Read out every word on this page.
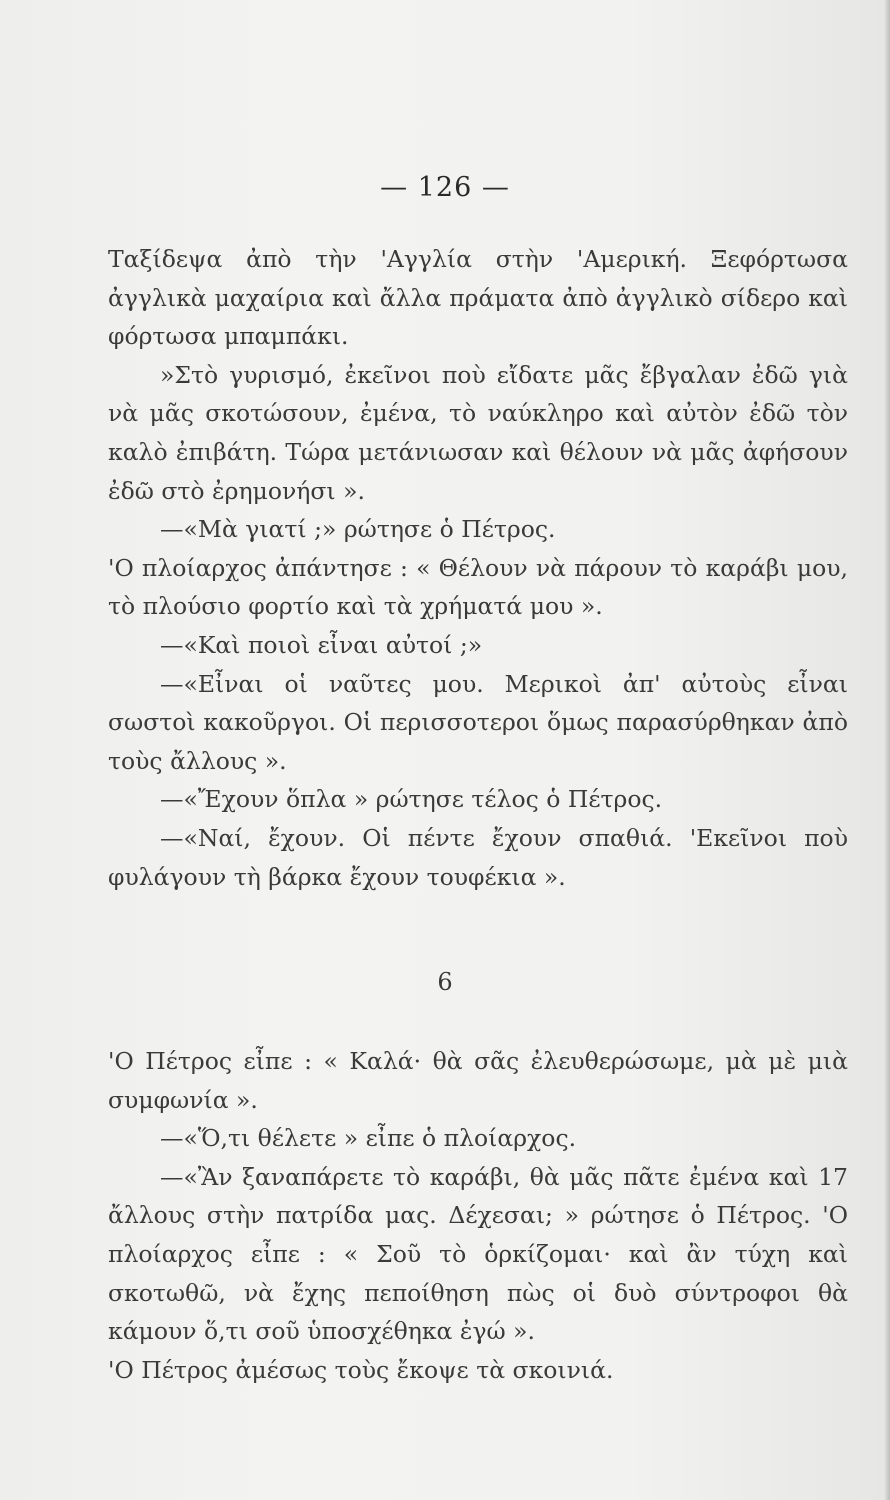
— 126 —

Ταξίδεψα ἀπὸ τὴν 'Αγγλία στὴν 'Αμερική. Ξεφόρτωσα ἀγγλικὰ μαχαίρια καὶ ἄλλα πράματα ἀπὸ ἀγγλικὸ σίδερο καὶ φόρτωσα μπαμπάκι.

»Στὸ γυρισμό, ἐκεῖνοι ποὺ εἴδατε μᾶς ἔβγαλαν ἐδῶ γιὰ νὰ μᾶς σκοτώσουν, ἐμένα, τὸ ναύκληρο καὶ αὐτὸν ἐδῶ τὸν καλὸ ἐπιβάτη. Τώρα μετάνιωσαν καὶ θέλουν νὰ μᾶς ἀφήσουν ἐδῶ στὸ ἐρημονήσι ».

—«Μὰ γιατί ;» ρώτησε ὁ Πέτρος.

'Ο πλοίαρχος ἀπάντησε : « Θέλουν νὰ πάρουν τὸ καράβι μου, τὸ πλούσιο φορτίο καὶ τὰ χρήματά μου ».

—«Καὶ ποιοὶ εἶναι αὐτοί ;»

—«Εἶναι οἱ ναῦτες μου. Μερικοὶ ἀπ' αὐτοὺς εἶναι σωστοὶ κακοῦργοι. Οἱ περισσοτεροι ὅμως παρασύρθηκαν ἀπὸ τοὺς ἄλλους ».

—«Ἔχουν ὅπλα » ρώτησε τέλος ὁ Πέτρος.

—«Ναί, ἔχουν. Οἱ πέντε ἔχουν σπαθιά. 'Εκεῖνοι ποὺ φυλάγουν τὴ βάρκα ἔχουν τουφέκια ».

6

'Ο Πέτρος εἶπε : « Καλά· θὰ σᾶς ἐλευθερώσωμε, μὰ μὲ μιὰ συμφωνία ».

—«Ὅ,τι θέλετε » εἶπε ὁ πλοίαρχος.

—«Ἂν ξαναπάρετε τὸ καράβι, θὰ μᾶς πᾶτε ἐμένα καὶ 17 ἄλλους στὴν πατρίδα μας. Δέχεσαι; » ρώτησε ὁ Πέτρος. 'Ο πλοίαρχος εἶπε : « Σοῦ τὸ ὁρκίζομαι· καὶ ἂν τύχη καὶ σκοτωθῶ, νὰ ἔχης πεποίθηση πὼς οἱ δυὸ σύντροφοι θὰ κάμουν ὅ,τι σοῦ ὑποσχέθηκα ἐγώ ».

'Ο Πέτρος ἀμέσως τοὺς ἔκοψε τὰ σκοινιά.
